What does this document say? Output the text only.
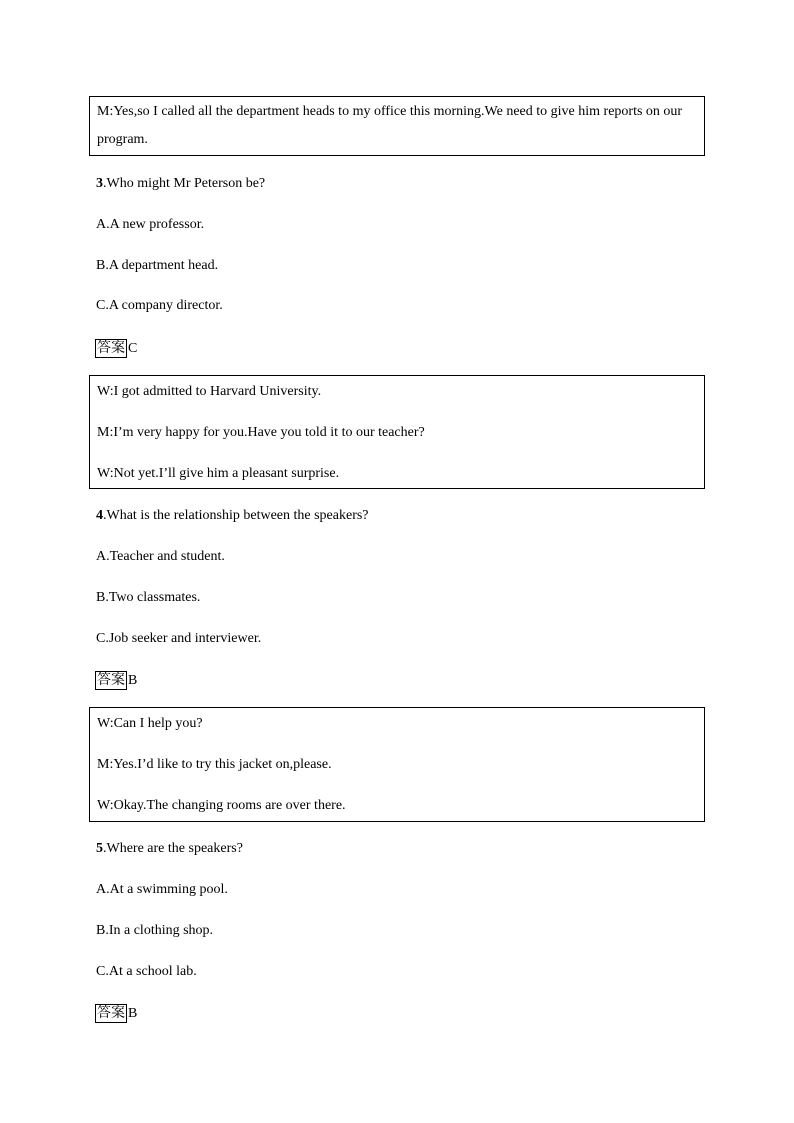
M:Yes,so I called all the department heads to my office this morning.We need to give him reports on our
program.
3.Who might Mr Peterson be?
A.A new professor.
B.A department head.
C.A company director.
答案 C
W:I got admitted to Harvard University.
M:I’m very happy for you.Have you told it to our teacher?
W:Not yet.I’ll give him a pleasant surprise.
4.What is the relationship between the speakers?
A.Teacher and student.
B.Two classmates.
C.Job seeker and interviewer.
答案 B
W:Can I help you?
M:Yes.I’d like to try this jacket on,please.
W:Okay.The changing rooms are over there.
5.Where are the speakers?
A.At a swimming pool.
B.In a clothing shop.
C.At a school lab.
答案 B
